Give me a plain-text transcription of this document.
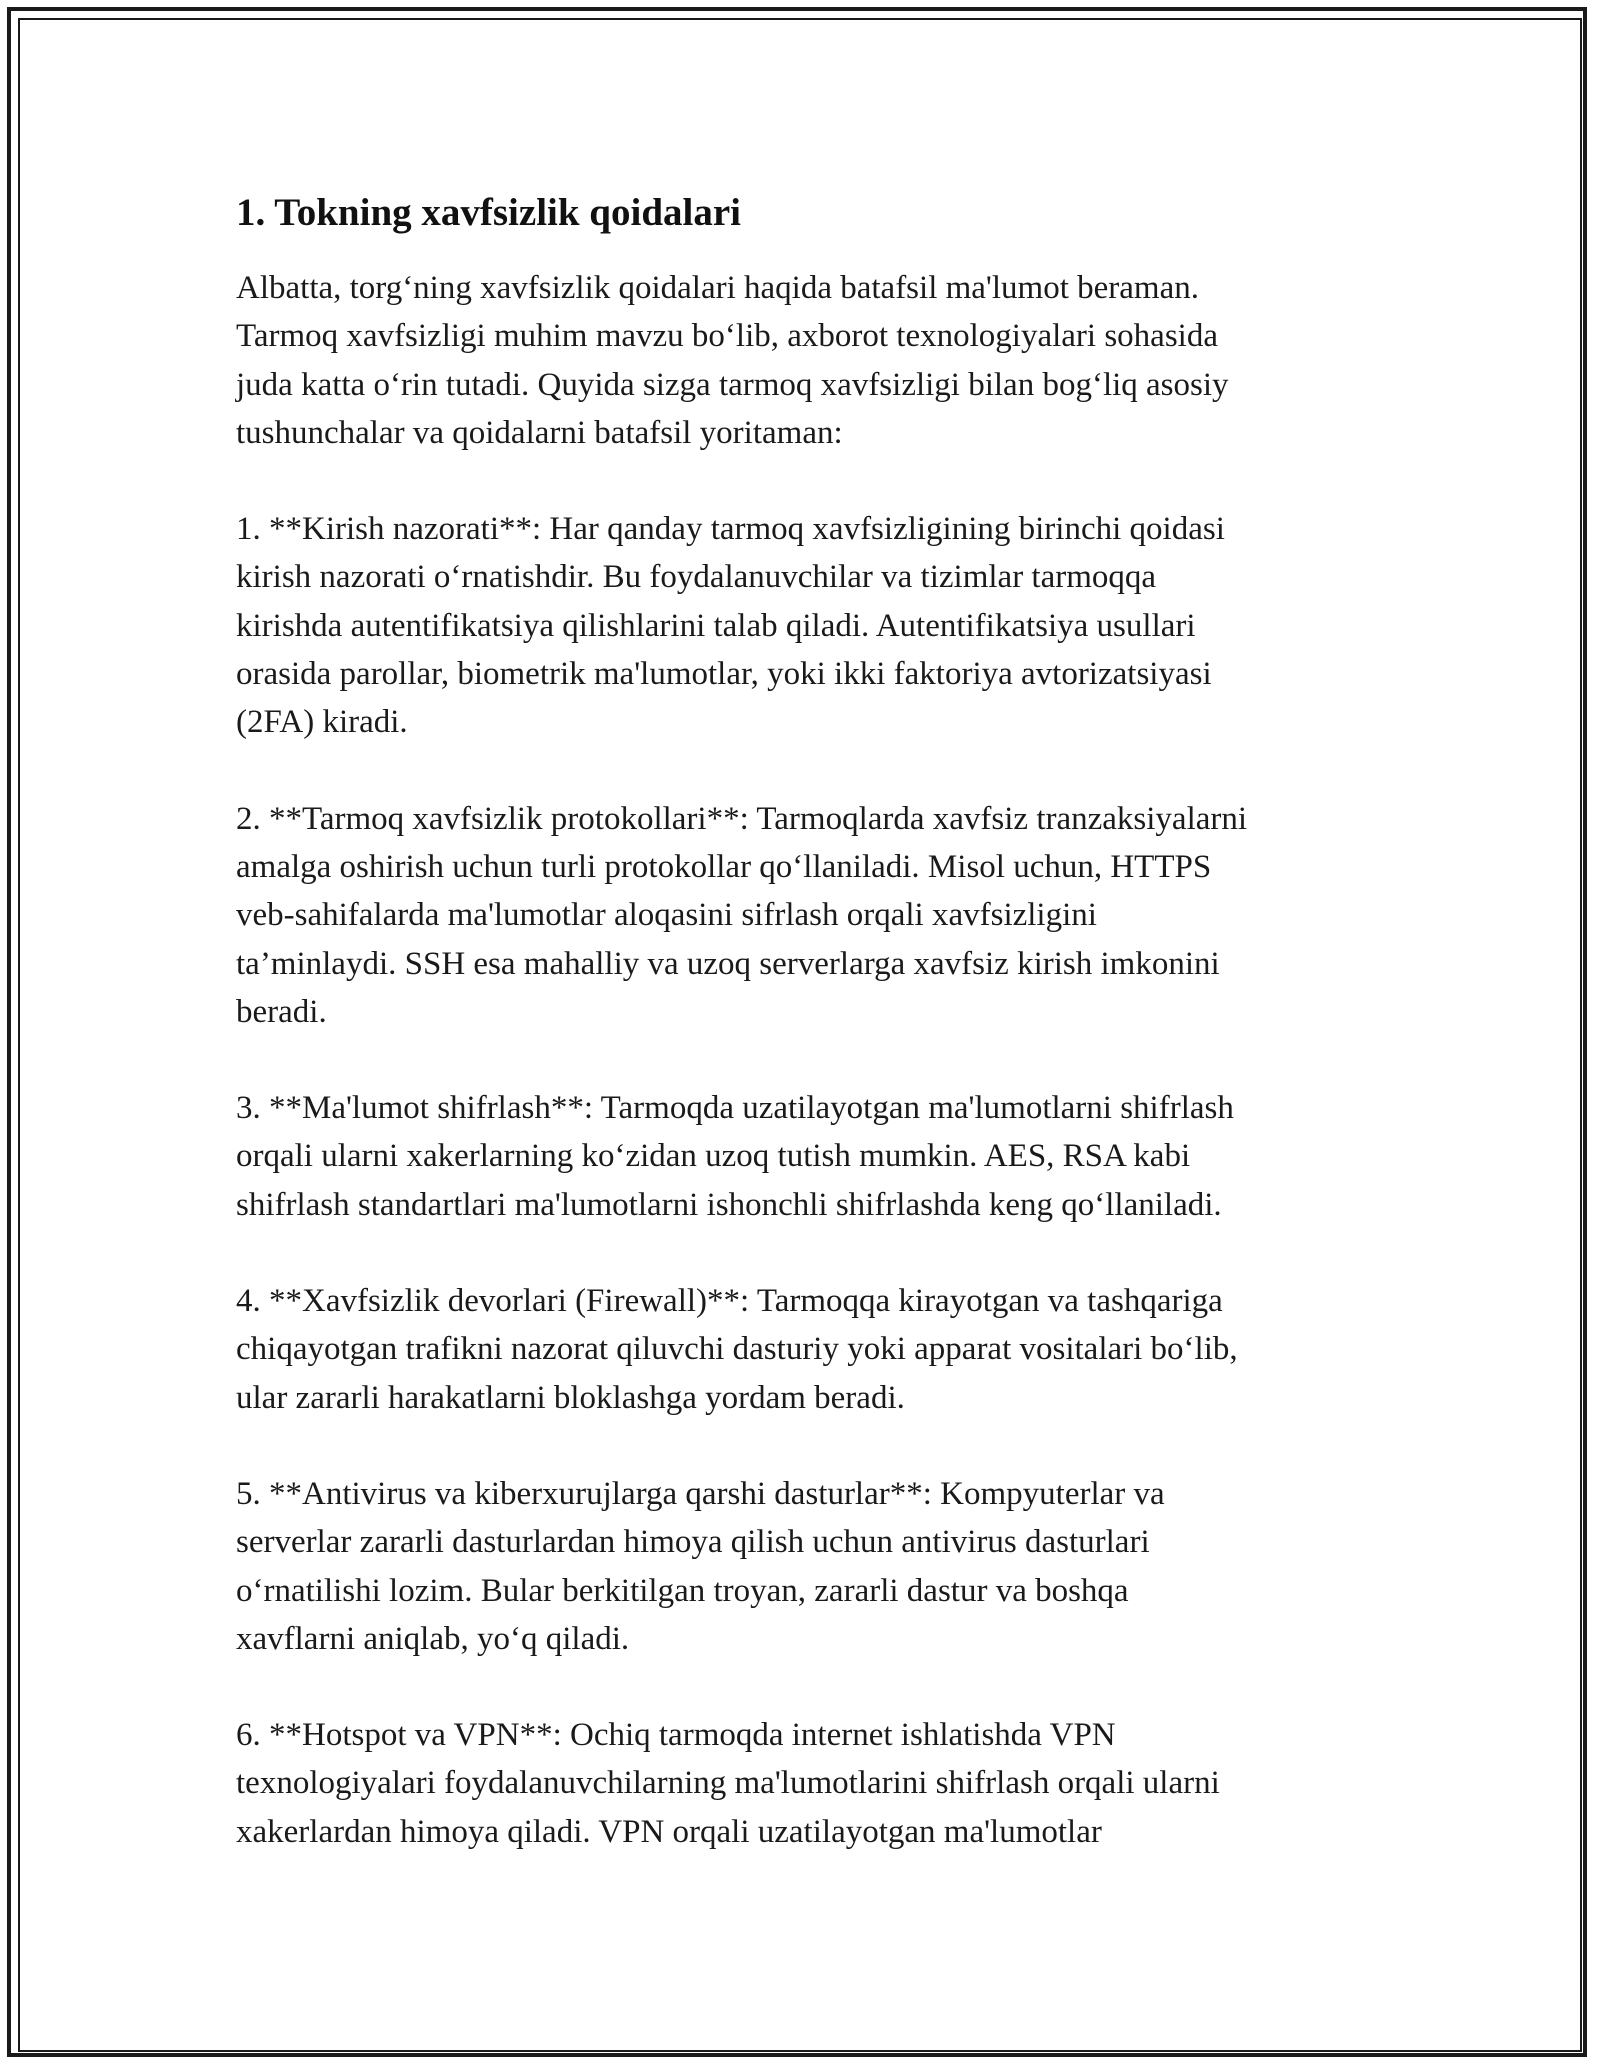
1. Tokning xavfsizlik qoidalari

Albatta, torg‘ning xavfsizlik qoidalari haqida batafsil ma'lumot beraman.
Tarmoq xavfsizligi muhim mavzu bo‘lib, axborot texnologiyalari sohasida
juda katta o‘rin tutadi. Quyida sizga tarmoq xavfsizligi bilan bog‘liq asosiy
tushunchalar va qoidalarni batafsil yoritaman:

1. **Kirish nazorati**: Har qanday tarmoq xavfsizligining birinchi qoidasi
kirish nazorati o‘rnatishdir. Bu foydalanuvchilar va tizimlar tarmoqqa
kirishda autentifikatsiya qilishlarini talab qiladi. Autentifikatsiya usullari
orasida parollar, biometrik ma'lumotlar, yoki ikki faktoriya avtorizatsiyasi
(2FA) kiradi.

2. **Tarmoq xavfsizlik protokollari**: Tarmoqlarda xavfsiz tranzaksiyalarni
amalga oshirish uchun turli protokollar qo‘llaniladi. Misol uchun, HTTPS
veb-sahifalarda ma'lumotlar aloqasini sifrlash orqali xavfsizligini
ta’minlaydi. SSH esa mahalliy va uzoq serverlarga xavfsiz kirish imkonini
beradi.

3. **Ma'lumot shifrlash**: Tarmoqda uzatilayotgan ma'lumotlarni shifrlash
orqali ularni xakerlarning ko‘zidan uzoq tutish mumkin. AES, RSA kabi
shifrlash standartlari ma'lumotlarni ishonchli shifrlashda keng qo‘llaniladi.

4. **Xavfsizlik devorlari (Firewall)**: Tarmoqqa kirayotgan va tashqariga
chiqayotgan trafikni nazorat qiluvchi dasturiy yoki apparat vositalari bo‘lib,
ular zararli harakatlarni bloklashga yordam beradi.

5. **Antivirus va kiberxurujlarga qarshi dasturlar**: Kompyuterlar va
serverlar zararli dasturlardan himoya qilish uchun antivirus dasturlari
o‘rnatilishi lozim. Bular berkitilgan troyan, zararli dastur va boshqa
xavflarni aniqlab, yo‘q qiladi.

6. **Hotspot va VPN**: Ochiq tarmoqda internet ishlatishda VPN
texnologiyalari foydalanuvchilarning ma'lumotlarini shifrlash orqali ularni
xakerlardan himoya qiladi. VPN orqali uzatilayotgan ma'lumotlar
